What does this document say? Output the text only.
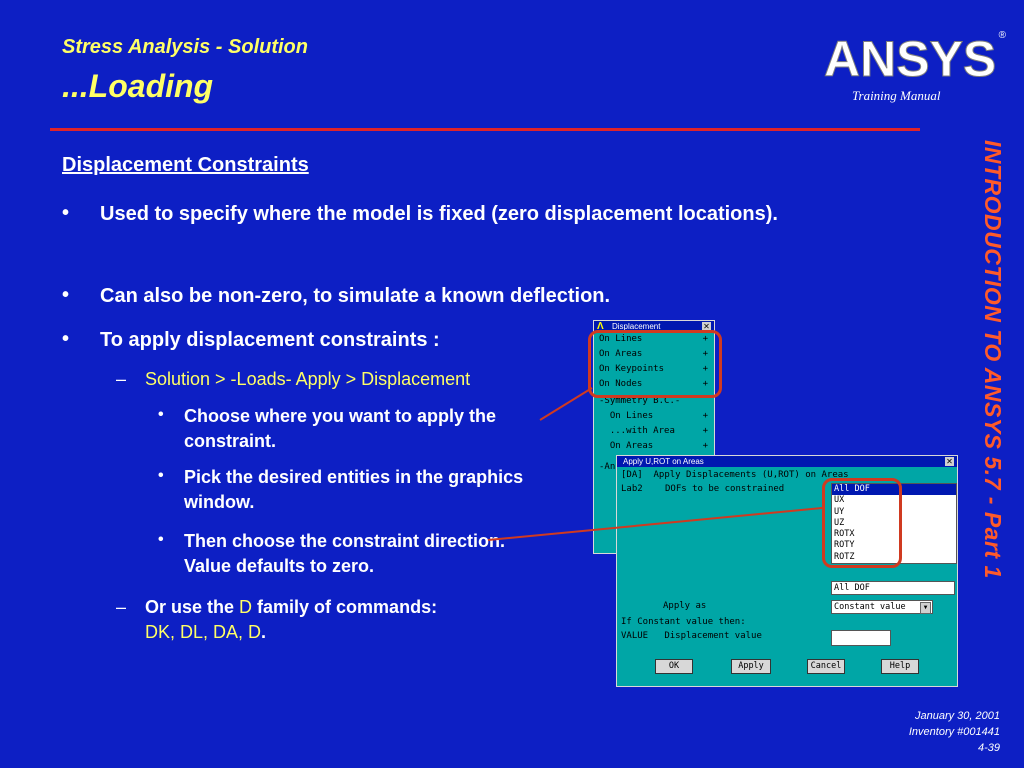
Stress Analysis - Solution
...Loading	ANSYS ®
Training Manual
INTRODUCTION TO ANSYS 5.7 - Part 1
Displacement Constraints
• Used to specify where the model is fixed (zero displacement locations).
• Can also be non-zero, to simulate a known deflection.
• To apply displacement constraints :
– Solution > -Loads- Apply > Displacement
• Choose where you want to apply the constraint.
• Pick the desired entities in the graphics window.
• Then choose the constraint direction. Value defaults to zero.
– Or use the D family of commands:
DK, DL, DA, D.
Λ Displacement	✕
On Lines	+
On Areas	+
On Keypoints	+
On Nodes	+
-Symmetry B.C.-
On Lines	+
...with Area	+
On Areas	+
-An
Apply U,ROT on Areas	✕
[DA]  Apply Displacements (U,ROT) on Areas
Lab2 DOFs to be constrained	All DOF
UX
UY
UZ
ROTX
ROTY
ROTZ
All DOF
Apply as	Constant value	▼
If Constant value then:
VALUE   Displacement value
OK	Apply	Cancel	Help
January 30, 2001
Inventory #001441
4-39
